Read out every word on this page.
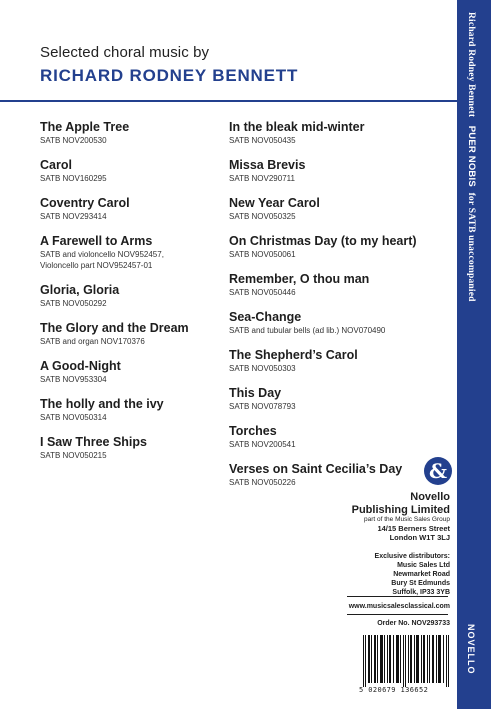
Selected choral music by
RICHARD RODNEY BENNETT
The Apple Tree
SATB NOV200530
Carol
SATB NOV160295
Coventry Carol
SATB NOV293414
A Farewell to Arms
SATB and violoncello NOV952457,
Violoncello part NOV952457-01
Gloria, Gloria
SATB NOV050292
The Glory and the Dream
SATB and organ NOV170376
A Good-Night
SATB NOV953304
The holly and the ivy
SATB NOV050314
I Saw Three Ships
SATB NOV050215
In the bleak mid-winter
SATB NOV050435
Missa Brevis
SATB NOV290711
New Year Carol
SATB NOV050325
On Christmas Day (to my heart)
SATB NOV050061
Remember, O thou man
SATB NOV050446
Sea-Change
SATB and tubular bells (ad lib.) NOV070490
The Shepherd’s Carol
SATB NOV050303
This Day
SATB NOV078793
Torches
SATB NOV200541
Verses on Saint Cecilia’s Day
SATB NOV050226	&
Novello
Publishing Limited
part of the Music Sales Group
14/15 Berners Street
London W1T 3LJ
Exclusive distributors:
Music Sales Ltd
Newmarket Road
Bury St Edmunds
Suffolk, IP33 3YB
www.musicsalesclassical.com
Order No. NOV293733
5 020679 136652
Richard Rodney Bennett   PUER NOBIS  for SATB unaccompanied
NOVELLO
